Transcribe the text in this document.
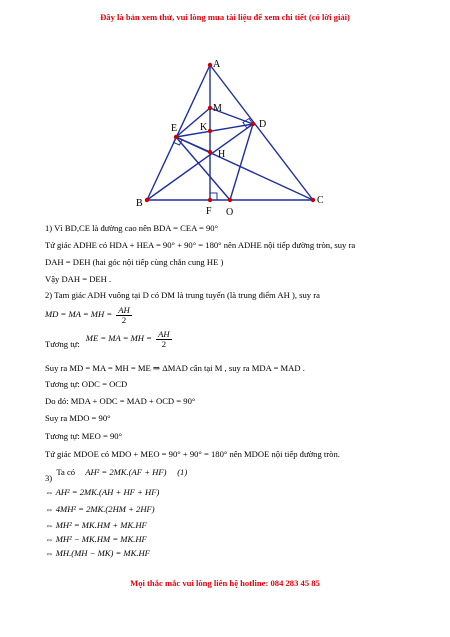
Đây là bản xem thử, vui lòng mua tài liệu để xem chi tiết (có lời giải)
A
M
E K	D
H
B
F O
C
1) Vì BD,CE là đường cao nên BDA = CEA = 90°
Tứ giác ADHE có HDA + HEA = 90° + 90° = 180° nên ADHE nội tiếp đường tròn, suy ra
DAH = DEH (hai góc nội tiếp cùng chắn cung HE )
Vậy DAH = DEH .
2) Tam giác ADH vuông tại D có DM là trung tuyến (là trung điểm AH ), suy ra
MD = MA = MH = $\frac{AH}{2}$
Tương tự: ME = MA = MH = $\frac{AH}{2}$
Suy ra MD = MA = MH = ME ⇒ ΔMAD cân tại M , suy ra MDA = MAD .
Tương tự: ODC = OCD
Do đó: MDA + ODC = MAD + OCD = 90°
Suy ra MDO = 90°
Tương tự: MEO = 90°
Tứ giác MDOE có MDO + MEO = 90° + 90° = 180° nên MDOE nội tiếp đường tròn.
3) Ta có AH² = 2MK.(AF + HF)     (1)
⇔ AH² = 2MK.(AH + HF + HF)
⇔ 4MH² = 2MK.(2HM + 2HF)
⇔ MH² = MK.HM + MK.HF
⇔ MH² − MK.HM = MK.HF
⇔ MH.(MH − MK) = MK.HF
Mọi thắc mắc vui lòng liên hệ hotline: 084 283 45 85
